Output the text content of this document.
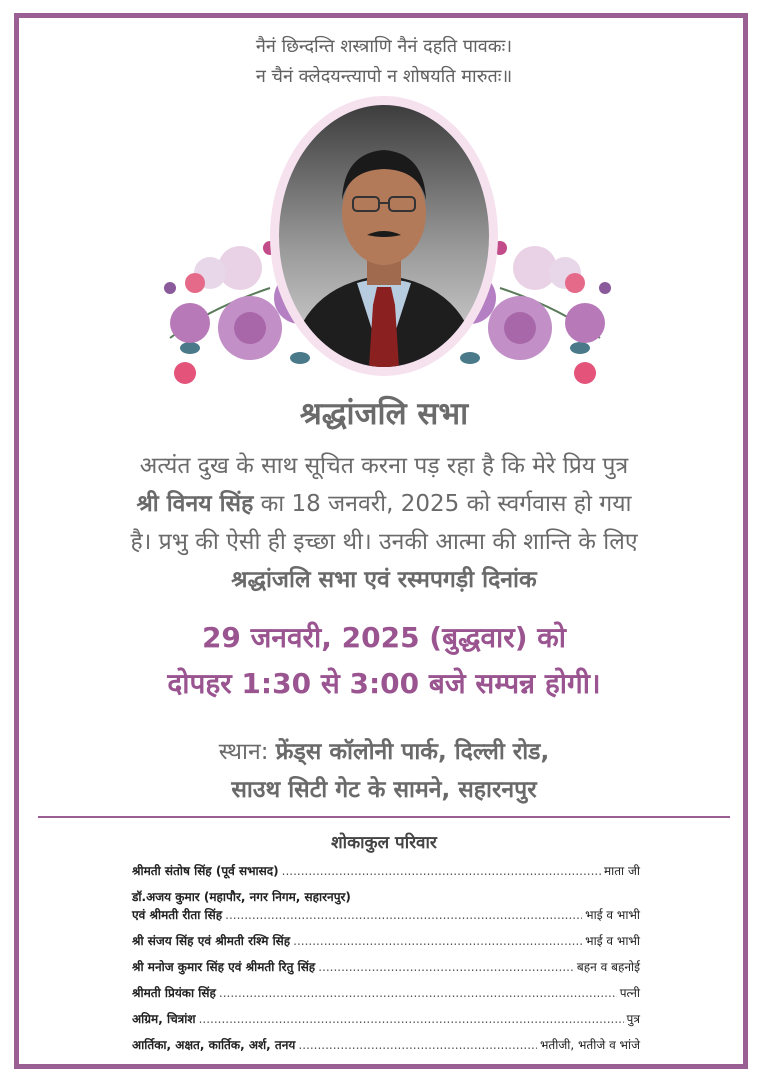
नैनं छिन्दन्ति शस्त्राणि नैनं दहति पावकः।
न चैनं क्लेदयन्त्यापो न शोषयति मारुतः॥
श्रद्धांजलि सभा
अत्यंत दुख के साथ सूचित करना पड़ रहा है कि मेरे प्रिय पुत्र
श्री विनय सिंह का 18 जनवरी, 2025 को स्वर्गवास हो गया
है। प्रभु की ऐसी ही इच्छा थी। उनकी आत्मा की शान्ति के लिए
श्रद्धांजलि सभा एवं रस्मपगड़ी दिनांक
29 जनवरी, 2025 (बुद्धवार) को
दोपहर 1:30 से 3:00 बजे सम्पन्न होगी।
स्थान: फ्रेंड्स कॉलोनी पार्क, दिल्ली रोड,
साउथ सिटी गेट के सामने, सहारनपुर
शोकाकुल परिवार
श्रीमती संतोष सिंह (पूर्व सभासद) .....	माता जी
डॉ.अजय कुमार (महापौर, नगर निगम, सहारनपुर)
एवं श्रीमती रीता सिंह .....	भाई व भाभी
श्री संजय सिंह एवं श्रीमती रश्मि सिंह .....	भाई व भाभी
श्री मनोज कुमार सिंह एवं श्रीमती रितु सिंह .....	बहन व बहनोई
श्रीमती प्रियंका सिंह .....	पत्नी
अग्रिम, चित्रांश .....	पुत्र
आर्तिका, अक्षत, कार्तिक, अर्श, तनय .....	भतीजी, भतीजे व भांजे
